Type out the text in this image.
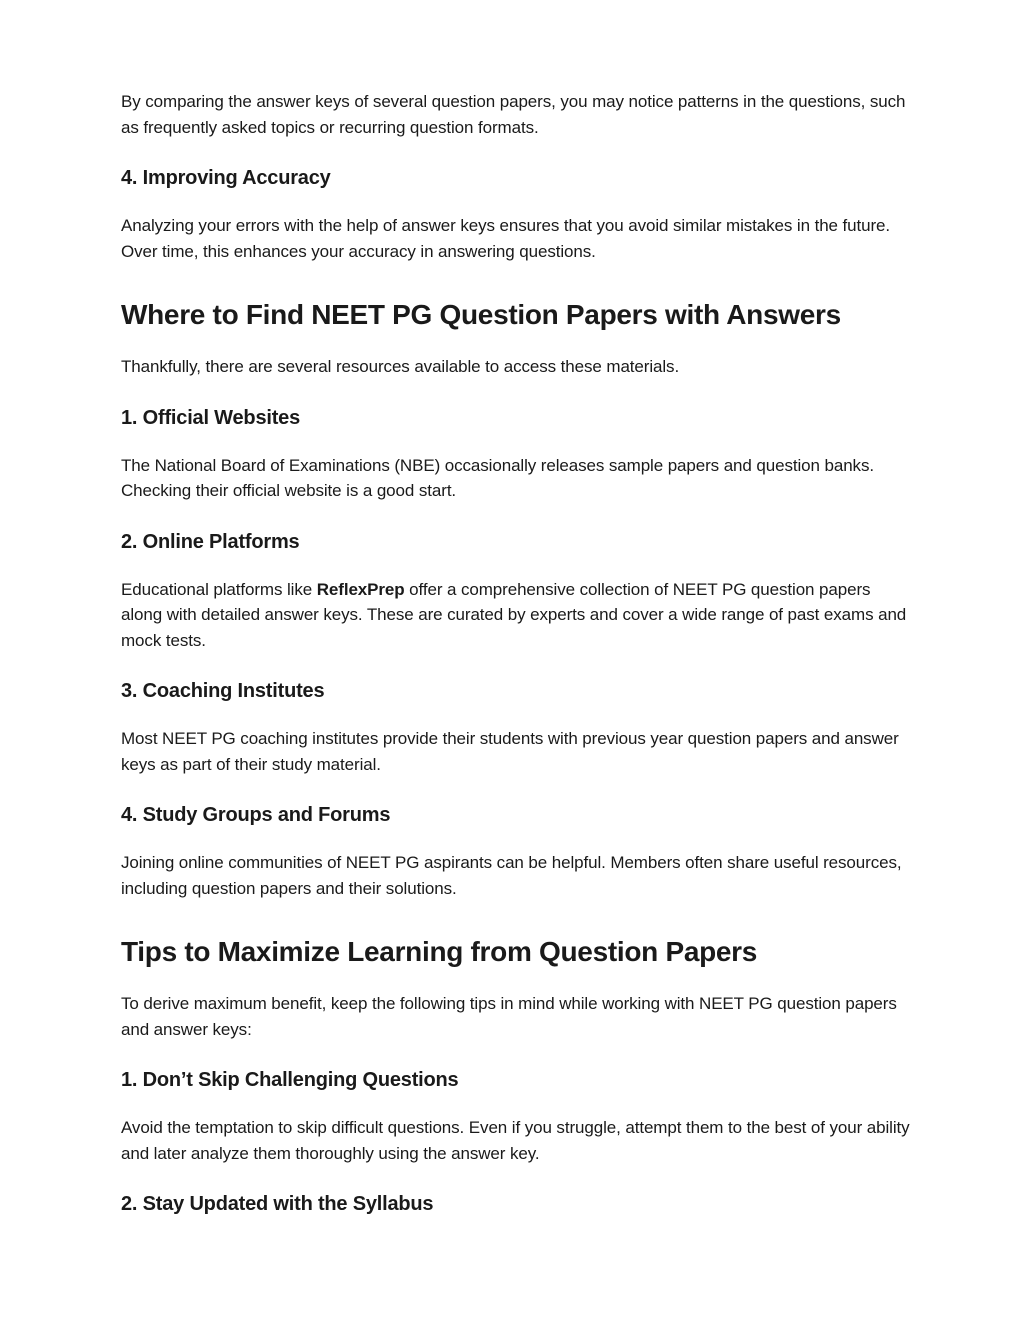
By comparing the answer keys of several question papers, you may notice patterns in the questions, such as frequently asked topics or recurring question formats.

4. Improving Accuracy

Analyzing your errors with the help of answer keys ensures that you avoid similar mistakes in the future. Over time, this enhances your accuracy in answering questions.

Where to Find NEET PG Question Papers with Answers

Thankfully, there are several resources available to access these materials.

1. Official Websites

The National Board of Examinations (NBE) occasionally releases sample papers and question banks. Checking their official website is a good start.

2. Online Platforms

Educational platforms like ReflexPrep offer a comprehensive collection of NEET PG question papers along with detailed answer keys. These are curated by experts and cover a wide range of past exams and mock tests.

3. Coaching Institutes

Most NEET PG coaching institutes provide their students with previous year question papers and answer keys as part of their study material.

4. Study Groups and Forums

Joining online communities of NEET PG aspirants can be helpful. Members often share useful resources, including question papers and their solutions.

Tips to Maximize Learning from Question Papers

To derive maximum benefit, keep the following tips in mind while working with NEET PG question papers and answer keys:

1. Don’t Skip Challenging Questions

Avoid the temptation to skip difficult questions. Even if you struggle, attempt them to the best of your ability and later analyze them thoroughly using the answer key.

2. Stay Updated with the Syllabus
